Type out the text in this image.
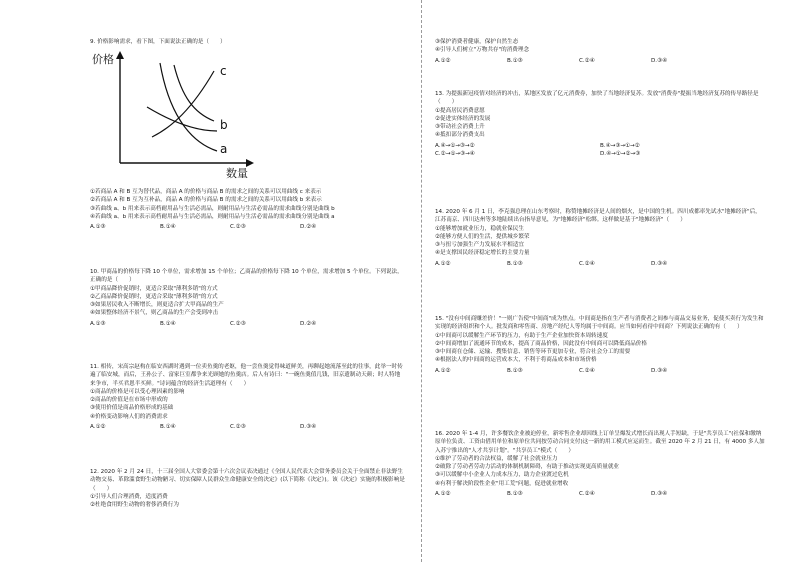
9. 价格影响需求，看下图，下面说法正确的是（　　）
价格
数量
c
b
a
①若商品 A 和 B 互为替代品，商品 A 的价格与商品 B 的需求之间的关系可以用曲线 c 来表示
②若商品 A 和 B 互为互补品，商品 A 的价格与商品 B 的需求之间的关系可以用曲线 b 来表示
③若曲线 a、b 用来表示高档耐用品与生活必需品，则耐用品与生活必需品的需求曲线分别是曲线 b
④若曲线 a、b 用来表示高档耐用品与生活必需品，则耐用品与生活必需品的需求曲线分别是曲线 a
A.①③	B.①④	C.②③	D.②④
10. 甲商品的价格每下降 10 个单位，需求增加 15 个单位；乙商品的价格每下降 10 个单位，需求增加 5 个单位。下列说法，正确的是（　　）
①甲商品降价促销时，更适合采取"薄利多销"的方式
②乙商品降价促销时，更适合采取"薄利多销"的方式
③如果居民收入不断增长，则更适合扩大甲商品的生产
④如果整体经济不景气，则乙商品的生产会受到冲击
A.①③	B.①④	C.②③	D.②④
11. 相传，宋高宗赵构在临安西湖时遇到一位卖鱼羹的老妪，他一尝鱼羹觉得味道鲜美，再聊起她流落至此的往事，此举一时传遍了临安城，而后，王孙公子、富家巨室都争来光顾她的鱼羹店。后人有诗曰："一碗鱼羹值几钱，旧京遗制动天颜；时人特地来争市，半买君恩半买鲜。"诗词蕴含的经济生活道理有（　　）
①商品的价格是可以受心理因素的影响
②商品的价值是在市场中形成的
③使用价值是商品价格形成的基础
④价格变动影响人们的消费需求
A.①②	B.①④	C.②③	D.③④
12. 2020 年 2 月 24 日，十三届全国人大常委会第十六次会议表决通过《全国人民代表大会常务委员会关于全面禁止非法野生动物交易、革除滥食野生动物陋习、切实保障人民群众生命健康安全的决定》(以下简称《决定》)。该《决定》实施的积极影响是（　　）
①引导人们合理消费，适度消费
②杜绝食用野生动物的奢侈消费行为
③保护消费者健康，保护自然生态
④引导人们树立"万物共存"的消费理念
A.①②	B.①③	C.②④	D.③④
13. 为提振新冠疫情对经济的冲击，某地区发放了亿元消费券，加快了当地经济复苏。发放"消费券"提振当地经济复苏的传导路径是（　　）
①提高居民消费意愿
②促进实体经济的发展
③带动社会消费上升
④抵扣部分消费支出
A.④→①→③→②	B.④→③→①→②
C.②→①→③→④	D.④→①→②→③
14. 2020 年 6 月 1 日，李克强总理在山东考察时，称赞地摊经济是人间的烟火，是中国的生机。四川成都率先试水"地摊经济"后，江苏南京、四川达州等多地陆续出台指导意见，为"地摊经济"松绑。这样做是基于"地摊经济"（　　）
①能够增加就业压力，稳就业保民生
②能够方便人们的生活，提供城乡繁荣
③与扭亏加强生产力发展水平相适宜
④是支撑国民经济稳定增长的主要力量
A.①②	B.①③	C.②④	D.③④
15. "没有中间商赚差价！"一则广告使"中间商"成为焦点。中间商是指在生产者与消费者之间参与商品交易业务，促使买卖行为发生和实现的经济组织和个人。批发商和零售商、房地产经纪人等均属于中间商。应当如何看待中间商？下列说法正确的有（　　）
①中间商可以缓解生产环节的压力，有助于生产企业加快资本周转速度
②中间商增加了流通环节的成本，提高了商品价格，因此没有中间商可以降低商品价格
③中间商在仓储、运输、搜集信息、销售等环节更加专业，符合社会分工的需要
④根据法人的中间商的运营成本大，不利于将商品成本和市场价格
A.①②	B.①③	C.②④	D.③④
16. 2020 年 1-4 月，许多餐饮企业被迫停业，新零售企业却因线上订单呈爆发式增长而出现人手短缺，于是"共享员工"(社保和缴纳原单位负责、工资由借用单位和原单位共同按劳动合同支付)这一新的用工模式应运而生。截至 2020 年 2 月 21 日，有 4000 多人加入苏宁推出的"人才共享计划"。"共享员工"模式（　　）
①维护了劳动者的合法权益，缓解了社会就业压力
②破除了劳动者劳动力活动的体制机制障碍，有助于推动实现更高质量就业
③可以缓解中小企业人力成本压力，助力企业渡过危机
④有利于解决阶段性企业"用工荒"问题，促进就业增收
A.①②	B.①③	C.②④	D.③④
